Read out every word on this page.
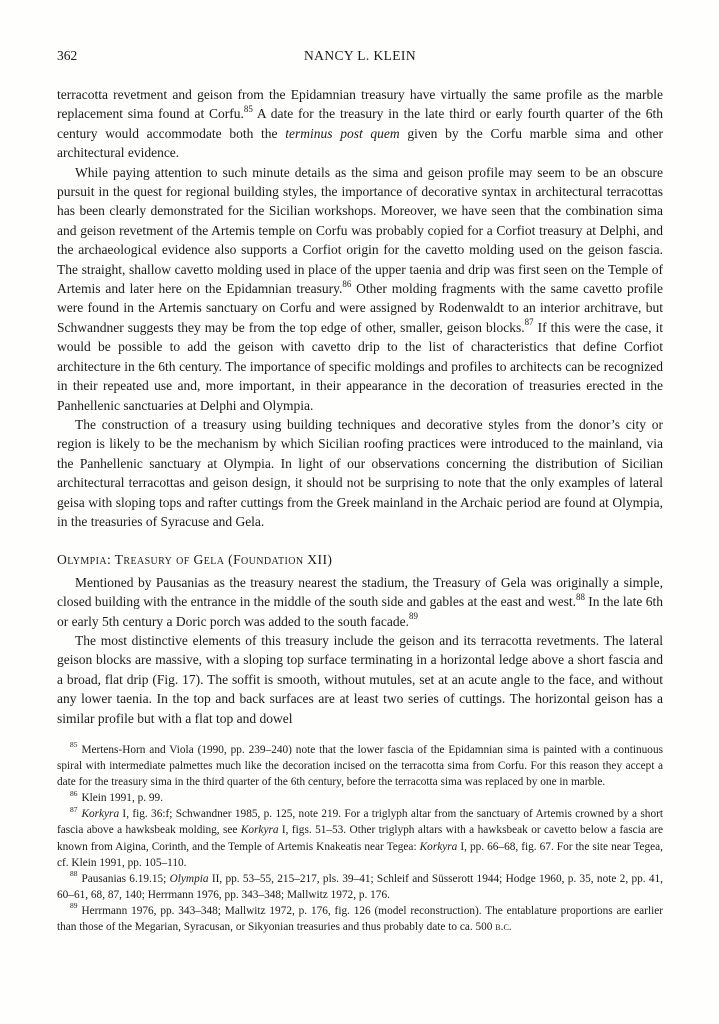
362	NANCY L. KLEIN

terracotta revetment and geison from the Epidamnian treasury have virtually the same profile as the marble replacement sima found at Corfu.$^{85}$ A date for the treasury in the late third or early fourth quarter of the 6th century would accommodate both the terminus post quem given by the Corfu marble sima and other architectural evidence.

While paying attention to such minute details as the sima and geison profile may seem to be an obscure pursuit in the quest for regional building styles, the importance of decorative syntax in architectural terracottas has been clearly demonstrated for the Sicilian workshops. Moreover, we have seen that the combination sima and geison revetment of the Artemis temple on Corfu was probably copied for a Corfiot treasury at Delphi, and the archaeological evidence also supports a Corfiot origin for the cavetto molding used on the geison fascia. The straight, shallow cavetto molding used in place of the upper taenia and drip was first seen on the Temple of Artemis and later here on the Epidamnian treasury.$^{86}$ Other molding fragments with the same cavetto profile were found in the Artemis sanctuary on Corfu and were assigned by Rodenwaldt to an interior architrave, but Schwandner suggests they may be from the top edge of other, smaller, geison blocks.$^{87}$ If this were the case, it would be possible to add the geison with cavetto drip to the list of characteristics that define Corfiot architecture in the 6th century. The importance of specific moldings and profiles to architects can be recognized in their repeated use and, more important, in their appearance in the decoration of treasuries erected in the Panhellenic sanctuaries at Delphi and Olympia.

The construction of a treasury using building techniques and decorative styles from the donor’s city or region is likely to be the mechanism by which Sicilian roofing practices were introduced to the mainland, via the Panhellenic sanctuary at Olympia. In light of our observations concerning the distribution of Sicilian architectural terracottas and geison design, it should not be surprising to note that the only examples of lateral geisa with sloping tops and rafter cuttings from the Greek mainland in the Archaic period are found at Olympia, in the treasuries of Syracuse and Gela.

Olympia: Treasury of Gela (Foundation XII)

Mentioned by Pausanias as the treasury nearest the stadium, the Treasury of Gela was originally a simple, closed building with the entrance in the middle of the south side and gables at the east and west.$^{88}$ In the late 6th or early 5th century a Doric porch was added to the south facade.$^{89}$

The most distinctive elements of this treasury include the geison and its terracotta revetments. The lateral geison blocks are massive, with a sloping top surface terminating in a horizontal ledge above a short fascia and a broad, flat drip (Fig. 17). The soffit is smooth, without mutules, set at an acute angle to the face, and without any lower taenia. In the top and back surfaces are at least two series of cuttings. The horizontal geison has a similar profile but with a flat top and dowel

$^{85}$ Mertens-Horn and Viola (1990, pp. 239–240) note that the lower fascia of the Epidamnian sima is painted with a continuous spiral with intermediate palmettes much like the decoration incised on the terracotta sima from Corfu. For this reason they accept a date for the treasury sima in the third quarter of the 6th century, before the terracotta sima was replaced by one in marble.

$^{86}$ Klein 1991, p. 99.

$^{87}$ Korkyra I, fig. 36:f; Schwandner 1985, p. 125, note 219. For a triglyph altar from the sanctuary of Artemis crowned by a short fascia above a hawksbeak molding, see Korkyra I, figs. 51–53. Other triglyph altars with a hawksbeak or cavetto below a fascia are known from Aigina, Corinth, and the Temple of Artemis Knakeatis near Tegea: Korkyra I, pp. 66–68, fig. 67. For the site near Tegea, cf. Klein 1991, pp. 105–110.

$^{88}$ Pausanias 6.19.15; Olympia II, pp. 53–55, 215–217, pls. 39–41; Schleif and Süsserott 1944; Hodge 1960, p. 35, note 2, pp. 41, 60–61, 68, 87, 140; Herrmann 1976, pp. 343–348; Mallwitz 1972, p. 176.

$^{89}$ Herrmann 1976, pp. 343–348; Mallwitz 1972, p. 176, fig. 126 (model reconstruction). The entablature proportions are earlier than those of the Megarian, Syracusan, or Sikyonian treasuries and thus probably date to ca. 500 b.c.
